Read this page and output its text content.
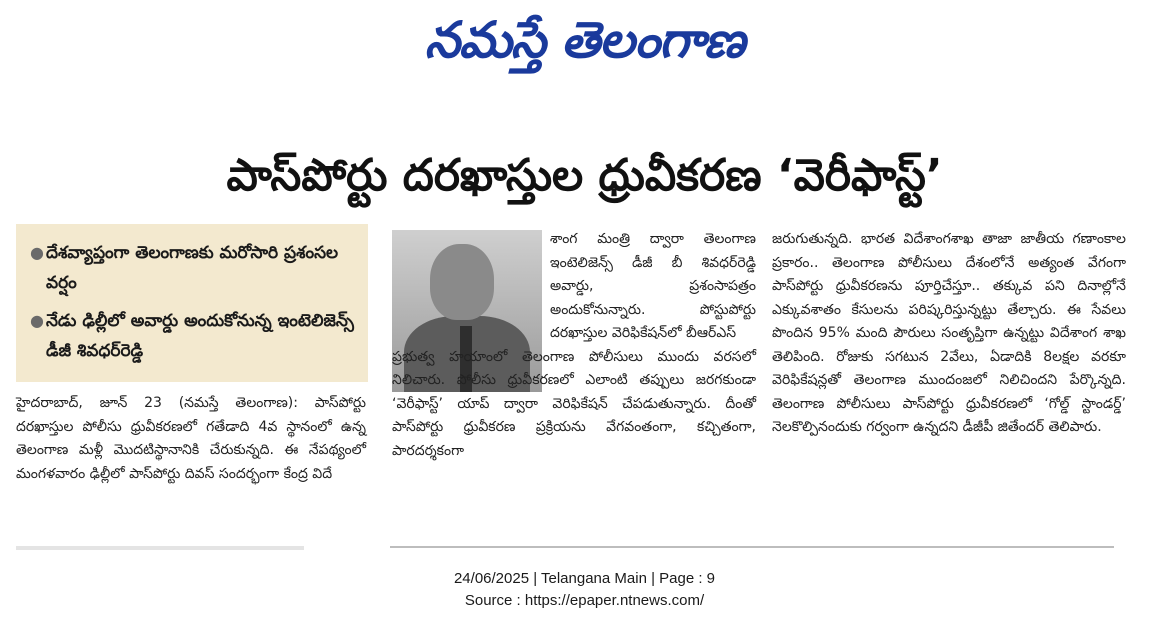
నమస్తే తెలంగాణ
పాస్‌పోర్టు దరఖాస్తుల ధ్రువీకరణ ‘వెరీఫాస్ట్‌’
● దేశవ్యాప్తంగా తెలంగాణకు మరోసారి ప్రశంసల వర్షం
● నేడు ఢిల్లీలో అవార్డు అందుకోనున్న ఇంటెలిజెన్స్‌ డీజీ శివధర్‌రెడ్డి
హైదరాబాద్‌, జూన్‌ 23 (నమస్తే తెలంగాణ): పాస్‌పోర్టు దరఖాస్తుల పోలీసు ధ్రువీకరణలో గతేడాది 4వ స్థానంలో ఉన్న తెలంగాణ మళ్లీ మొదటిస్థానానికి చేరుకున్నది. ఈ నేపథ్యంలో మంగళవారం ఢిల్లీలో పాస్‌పోర్టు దివస్‌ సందర్భంగా కేంద్ర విదే

శాంగ మంత్రి ద్వారా తెలంగాణ ఇంటెలిజెన్స్‌ డీజీ బీ శివధర్‌రెడ్డి అవార్డు, ప్రశంసాపత్రం అందుకోనున్నారు. పోస్టుపోర్టు దరఖాస్తుల వెరిఫికేషన్‌లో బీఆర్‌ఎస్‌

ప్రభుత్వ హయాంలో తెలంగాణ పోలీసులు ముందు వరసలో నిలిచారు. పోలీసు ధ్రువీకరణలో ఎలాంటి తప్పులు జరగకుండా ‘వెరీఫాస్ట్‌’ యాప్‌ ద్వారా వెరిఫికేషన్‌ చేపడుతున్నారు. దీంతో పాస్‌పోర్టు ధ్రువీకరణ ప్రక్రియను వేగవంతంగా, కచ్చితంగా, పారదర్శకంగా

జరుగుతున్నది. భారత విదేశాంగశాఖ తాజా జాతీయ గణాంకాల ప్రకారం.. తెలంగాణ పోలీసులు దేశంలోనే అత్యంత వేగంగా పాస్‌పోర్టు ధ్రువీకరణను పూర్తిచేస్తూ.. తక్కువ పని దినాల్లోనే ఎక్కువశాతం కేసులను పరిష్కరిస్తున్నట్టు తేల్చారు. ఈ సేవలు పొందిన 95% మంది పౌరులు సంతృప్తిగా ఉన్నట్టు విదేశాంగ శాఖ తెలిపింది. రోజుకు సగటున 2వేలు, ఏడాదికి 8లక్షల వరకూ వెరిఫికేషన్లతో తెలంగాణ ముందంజలో నిలిచిందని పేర్కొన్నది. తెలంగాణ పోలీసులు పాస్‌పోర్టు ధ్రువీకరణలో ‘గోల్డ్‌ స్టాండర్డ్‌’ నెలకొల్పినందుకు గర్వంగా ఉన్నదని డీజీపీ జితేందర్‌ తెలిపారు.
24/06/2025 | Telangana Main | Page : 9
Source : https://epaper.ntnews.com/
